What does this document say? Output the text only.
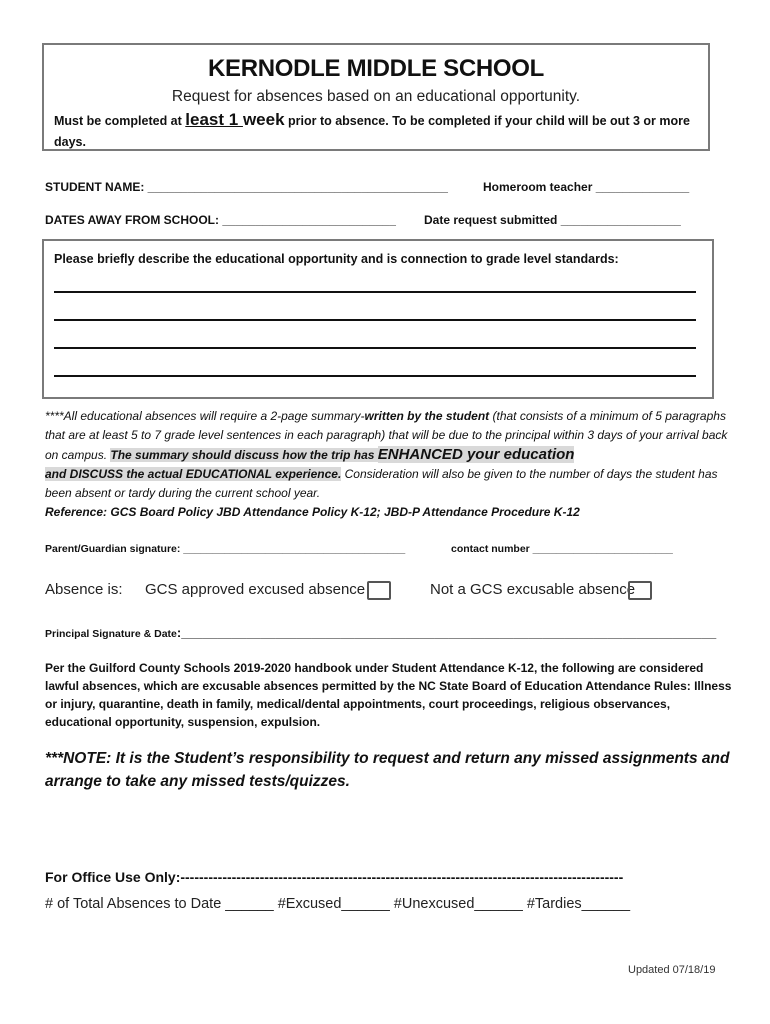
KERNODLE MIDDLE SCHOOL
Request for absences based on an educational opportunity.
Must be completed at least 1 week prior to absence. To be completed if your child will be out 3 or more days.
STUDENT NAME: _____________________________________________	Homeroom teacher ______________
DATES AWAY FROM SCHOOL: __________________________ Date request submitted __________________
Please briefly describe the educational opportunity and is connection to grade level standards:
****All educational absences will require a 2-page summary-written by the student (that consists of a minimum of 5 paragraphs that are at least 5 to 7 grade level sentences in each paragraph) that will be due to the principal within 3 days of your arrival back on campus. The summary should discuss how the trip has ENHANCED your education
and DISCUSS the actual EDUCATIONAL experience. Consideration will also be given to the number of days the student has been absent or tardy during the current school year.
Reference: GCS Board Policy JBD Attendance Policy K-12; JBD-P Attendance Procedure K-12
Parent/Guardian signature: ______________________________________	contact number ________________________
Absence is: GCS approved excused absence	Not a GCS excusable absence
Principal Signature & Date:__________________________________________________________________________
Per the Guilford County Schools 2019-2020 handbook under Student Attendance K-12, the following are considered lawful absences, which are excusable absences permitted by the NC State Board of Education Attendance Rules: Illness or injury, quarantine, death in family, medical/dental appointments, court proceedings, religious observances, educational opportunity, suspension, expulsion.
***NOTE: It is the Student’s responsibility to request and return any missed assignments and arrange to take any missed tests/quizzes.
For Office Use Only:-----------------------------------------------------------------------------------------------
# of Total Absences to Date ______ #Excused______ #Unexcused______ #Tardies______
Updated 07/18/19
